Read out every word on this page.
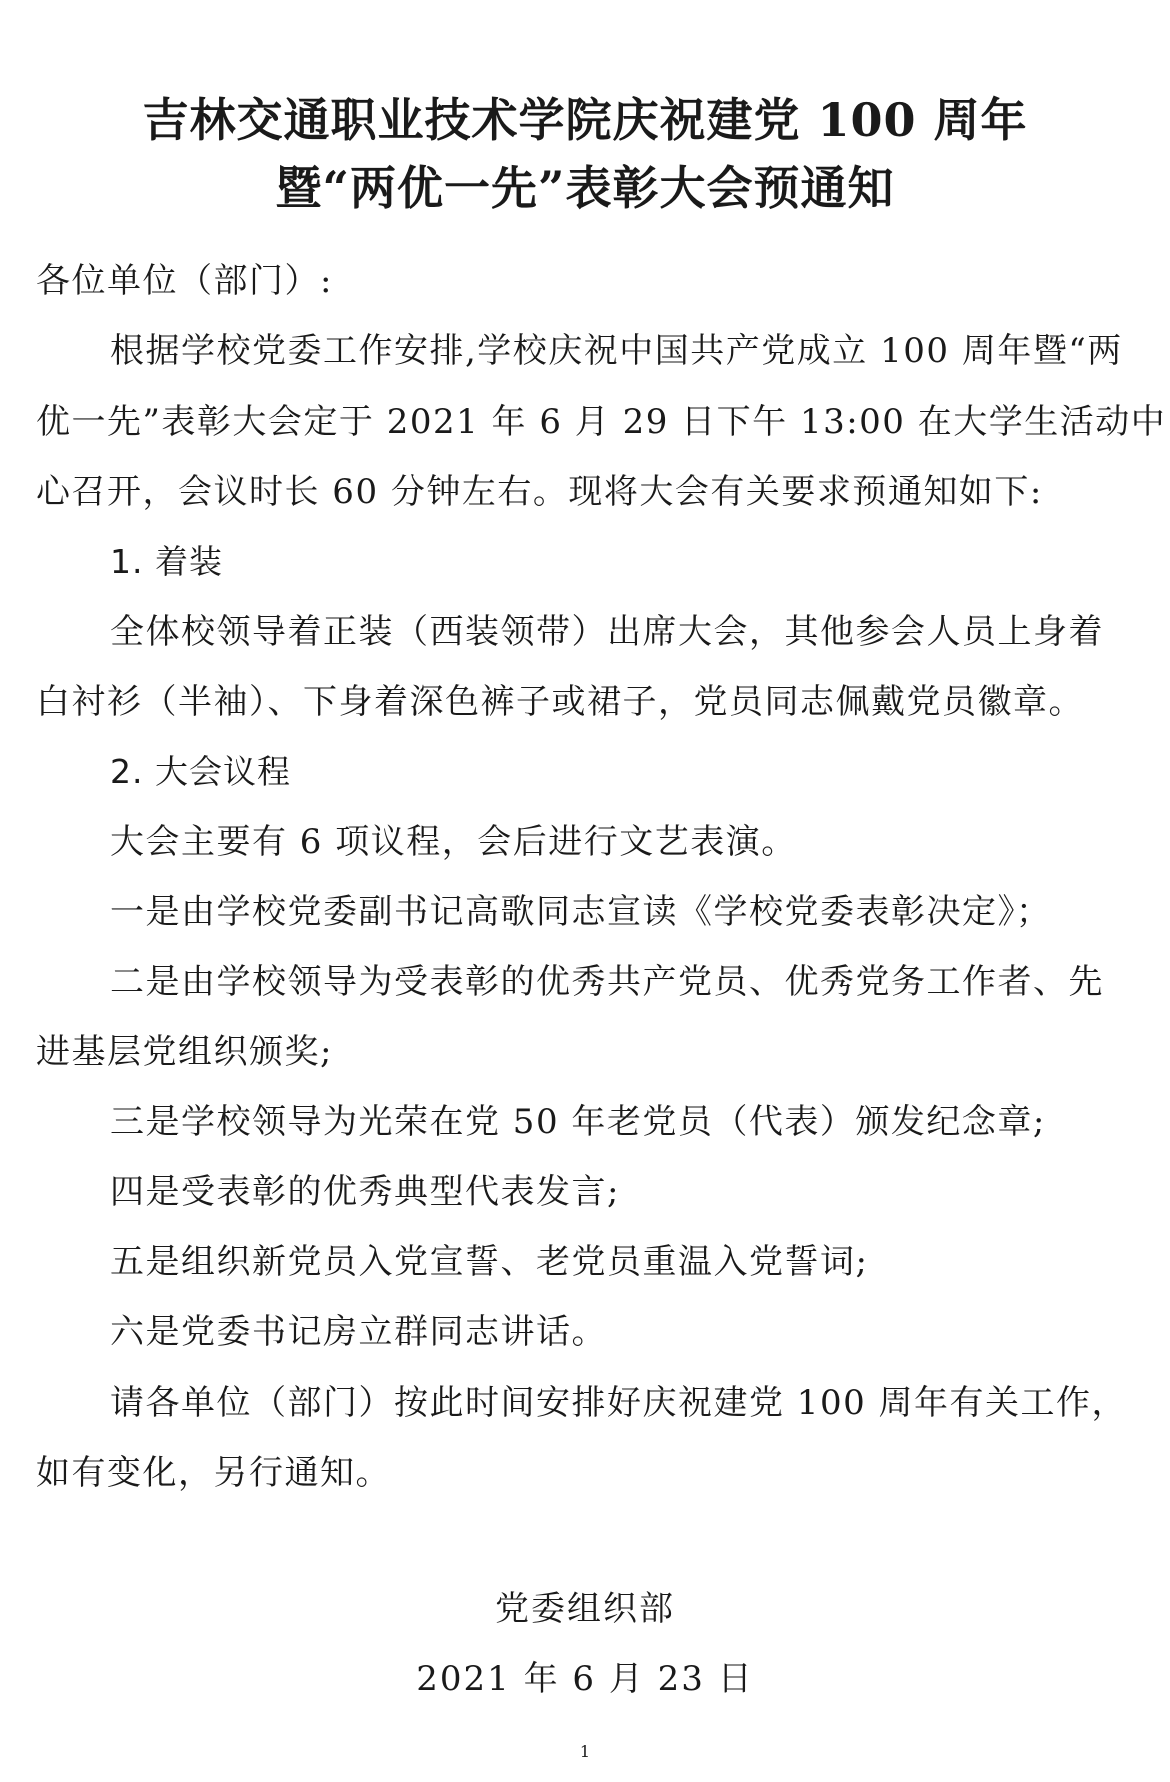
吉林交通职业技术学院庆祝建党 100 周年
暨“两优一先”表彰大会预通知
各位单位（部门）:
根据学校党委工作安排,学校庆祝中国共产党成立 100 周年暨“两
优一先”表彰大会定于 2021 年 6 月 29 日下午 13:00 在大学生活动中
心召开，会议时长 60 分钟左右。现将大会有关要求预通知如下:
1. 着装
全体校领导着正装（西装领带）出席大会，其他参会人员上身着
白衬衫（半袖）、下身着深色裤子或裙子，党员同志佩戴党员徽章。
2. 大会议程
大会主要有 6 项议程，会后进行文艺表演。
一是由学校党委副书记高歌同志宣读《学校党委表彰决定》；
二是由学校领导为受表彰的优秀共产党员、优秀党务工作者、先
进基层党组织颁奖;
三是学校领导为光荣在党 50 年老党员（代表）颁发纪念章;
四是受表彰的优秀典型代表发言;
五是组织新党员入党宣誓、老党员重温入党誓词;
六是党委书记房立群同志讲话。
请各单位（部门）按此时间安排好庆祝建党 100 周年有关工作，
如有变化，另行通知。
党委组织部
2021 年 6 月 23 日
1
